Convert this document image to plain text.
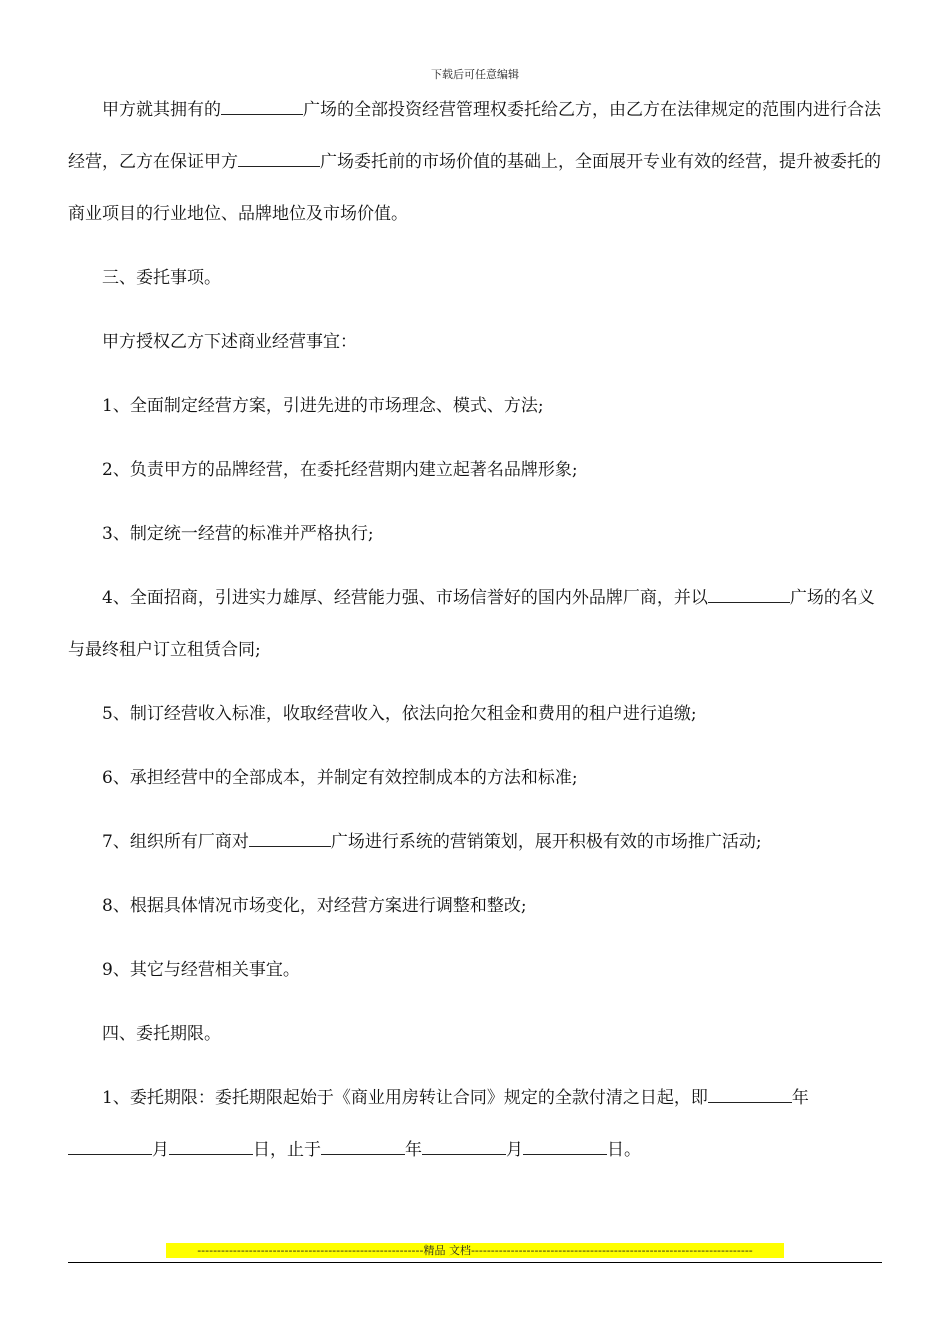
下载后可任意编辑

甲方就其拥有的	广场的全部投资经营管理权委托给乙方，由乙方在法律规定的范围内进行合法经营，乙方在保证甲方	广场委托前的市场价值的基础上，全面展开专业有效的经营，提升被委托的商业项目的行业地位、品牌地位及市场价值。

三、委托事项。

甲方授权乙方下述商业经营事宜：

1、全面制定经营方案，引进先进的市场理念、模式、方法;

2、负责甲方的品牌经营，在委托经营期内建立起著名品牌形象;

3、制定统一经营的标准并严格执行;

4、全面招商，引进实力雄厚、经营能力强、市场信誉好的国内外品牌厂商，并以	广场的名义与最终租户订立租赁合同;

5、制订经营收入标准，收取经营收入，依法向抢欠租金和费用的租户进行追缴;

6、承担经营中的全部成本，并制定有效控制成本的方法和标准;

7、组织所有厂商对	广场进行系统的营销策划，展开积极有效的市场推广活动;

8、根据具体情况市场变化，对经营方案进行调整和整改;

9、其它与经营相关事宜。

四、委托期限。

1、委托期限：委托期限起始于《商业用房转让合同》规定的全款付清之日起，即	年月	日，止于	年	月	日。

---------------------------------------------------------精品 文档-----------------------------------------------------------------------
